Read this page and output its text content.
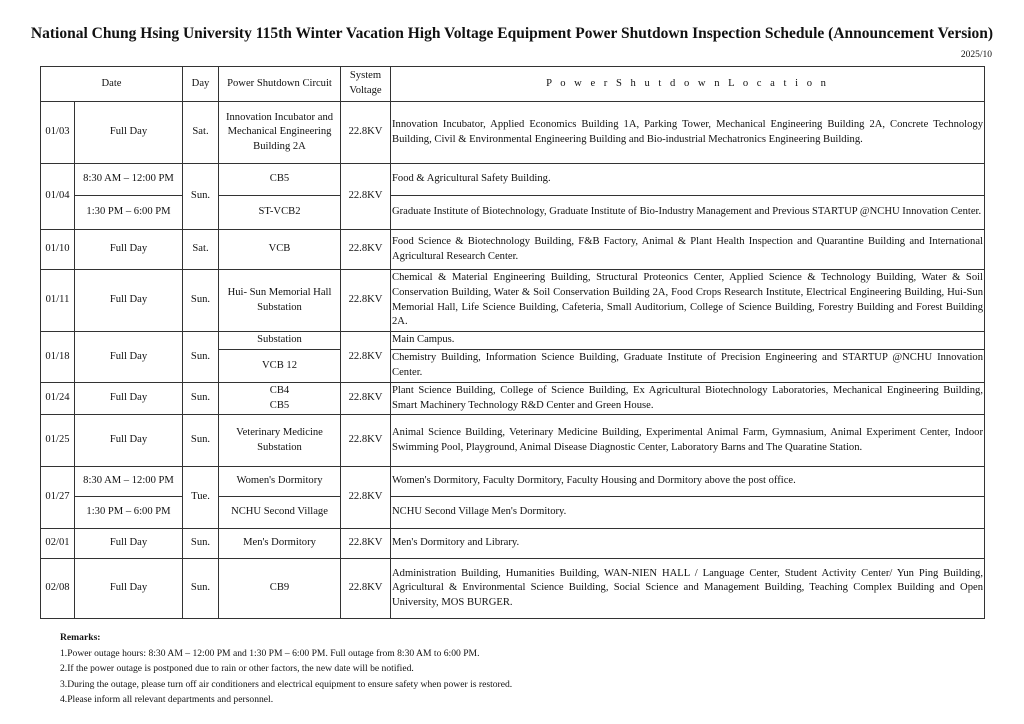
National Chung Hsing University 115th Winter Vacation High Voltage Equipment Power Shutdown Inspection Schedule (Announcement Version)
2025/10
Date		Day	Power Shutdown Circuit	System Voltage	P o w e r S h u t d o w n L o c a t i o n
01/03	Full Day	Sat.	Innovation Incubator and Mechanical Engineering Building 2A	22.8KV	Innovation Incubator, Applied Economics Building 1A, Parking Tower, Mechanical Engineering Building 2A, Concrete Technology Building, Civil & Environmental Engineering Building and Bio-industrial Mechatronics Engineering Building.
01/04	8:30 AM – 12:00 PM	Sun.	CB5	22.8KV	Food & Agricultural Safety Building.
	1:30 PM – 6:00 PM		ST-VCB2		Graduate Institute of Biotechnology, Graduate Institute of Bio-Industry Management and Previous STARTUP @NCHU Innovation Center.
01/10	Full Day	Sat.	VCB	22.8KV	Food Science & Biotechnology Building, F&B Factory, Animal & Plant Health Inspection and Quarantine Building and International Agricultural Research Center.
01/11	Full Day	Sun.	Hui- Sun Memorial Hall Substation	22.8KV	Chemical & Material Engineering Building, Structural Proteonics Center, Applied Science & Technology Building, Water & Soil Conservation Building, Water & Soil Conservation Building 2A, Food Crops Research Institute, Electrical Engineering Building, Hui-Sun Memorial Hall, Life Science Building, Cafeteria, Small Auditorium, College of Science Building, Forestry Building and Forest Building 2A.
01/18	Full Day	Sun.	Substation	22.8KV	Main Campus.
			VCB 12		Chemistry Building, Information Science Building, Graduate Institute of Precision Engineering and STARTUP @NCHU Innovation Center.
01/24	Full Day	Sun.	CB4
CB5	22.8KV	Plant Science Building, College of Science Building, Ex Agricultural Biotechnology Laboratories, Mechanical Engineering Building, Smart Machinery Technology R&D Center and Green House.
01/25	Full Day	Sun.	Veterinary Medicine Substation	22.8KV	Animal Science Building, Veterinary Medicine Building, Experimental Animal Farm, Gymnasium, Animal Experiment Center, Indoor Swimming Pool, Playground, Animal Disease Diagnostic Center, Laboratory Barns and The Quaratine Station.
01/27	8:30 AM – 12:00 PM	Tue.	Women's Dormitory	22.8KV	Women's Dormitory, Faculty Dormitory, Faculty Housing and Dormitory above the post office.
	1:30 PM – 6:00 PM		NCHU Second Village		NCHU Second Village Men's Dormitory.
02/01	Full Day	Sun.	Men's Dormitory	22.8KV	Men's Dormitory and Library.
02/08	Full Day	Sun.	CB9	22.8KV	Administration Building, Humanities Building, WAN-NIEN HALL / Language Center, Student Activity Center/ Yun Ping Building, Agricultural & Environmental Science Building, Social Science and Management Building, Teaching Complex Building and Open University, MOS BURGER.
Remarks:
1.Power outage hours: 8:30 AM – 12:00 PM and 1:30 PM – 6:00 PM. Full outage from 8:30 AM to 6:00 PM.
2.If the power outage is postponed due to rain or other factors, the new date will be notified.
3.During the outage, please turn off air conditioners and electrical equipment to ensure safety when power is restored.
4.Please inform all relevant departments and personnel.
